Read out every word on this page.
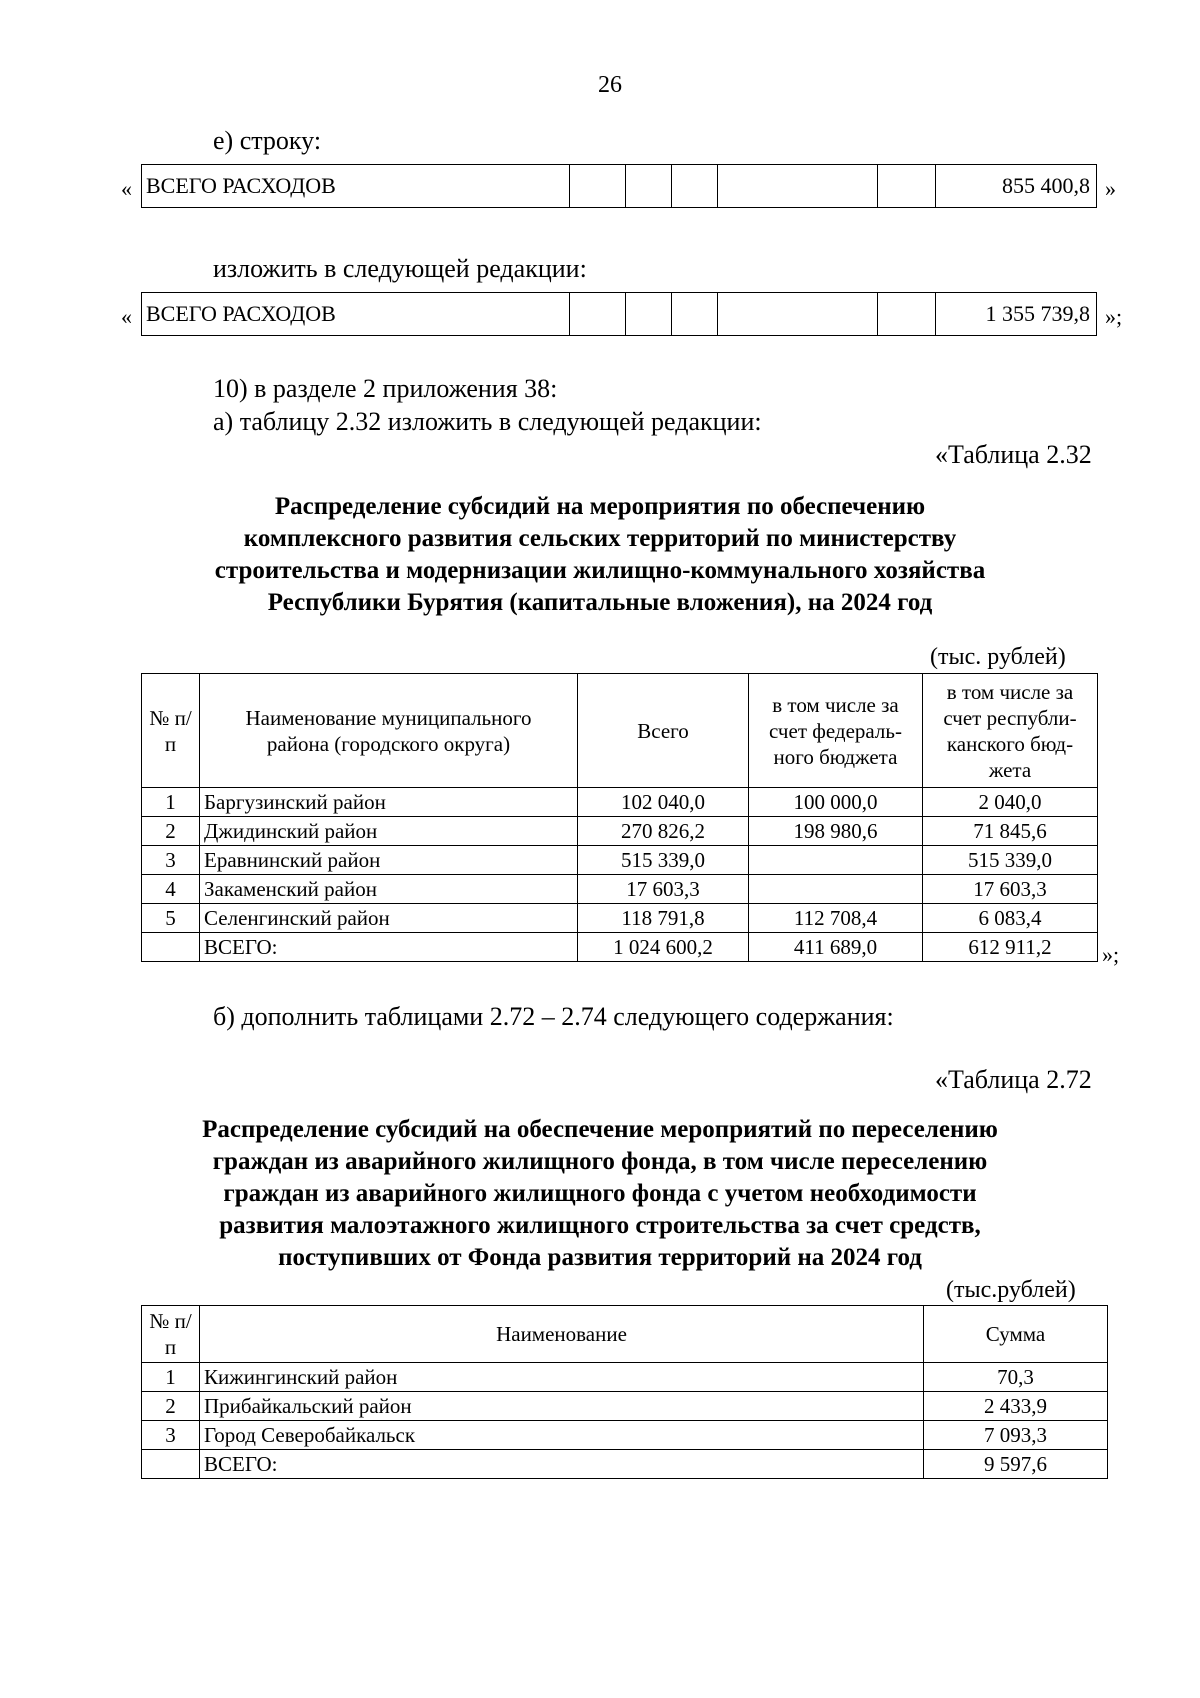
26
е) строку:
« ВСЕГО РАСХОДОВ						855 400,8 »
изложить в следующей редакции:
« ВСЕГО РАСХОДОВ						1 355 739,8 »;
10) в разделе 2 приложения 38:
а) таблицу 2.32 изложить в следующей редакции:
«Таблица 2.32
Распределение субсидий на мероприятия по обеспечению
комплексного развития сельских территорий по министерству
строительства и модернизации жилищно-коммунального хозяйства
Республики Бурятия (капитальные вложения), на 2024 год
(тыс. рублей)
№ п/п	Наименование муниципального района (городского округа)	Всего	в том числе за счет федераль-ного бюджета	в том числе за счет республи-канского бюд-жета
1	Баргузинский район	102 040,0	100 000,0	2 040,0
2	Джидинский район	270 826,2	198 980,6	71 845,6
3	Еравнинский район	515 339,0		515 339,0
4	Закаменский район	17 603,3		17 603,3
5	Селенгинский район	118 791,8	112 708,4	6 083,4
	ВСЕГО:	1 024 600,2	411 689,0	612 911,2 »;
б) дополнить таблицами 2.72 – 2.74 следующего содержания:
«Таблица 2.72
Распределение субсидий на обеспечение мероприятий по переселению
граждан из аварийного жилищного фонда, в том числе переселению
граждан из аварийного жилищного фонда с учетом необходимости
развития малоэтажного жилищного строительства за счет средств,
поступивших от Фонда развития территорий на 2024 год
(тыс.рублей)
№ п/п	Наименование	Сумма
1	Кижингинский район	70,3
2	Прибайкальский район	2 433,9
3	Город Северобайкальск	7 093,3
	ВСЕГО:	9 597,6
